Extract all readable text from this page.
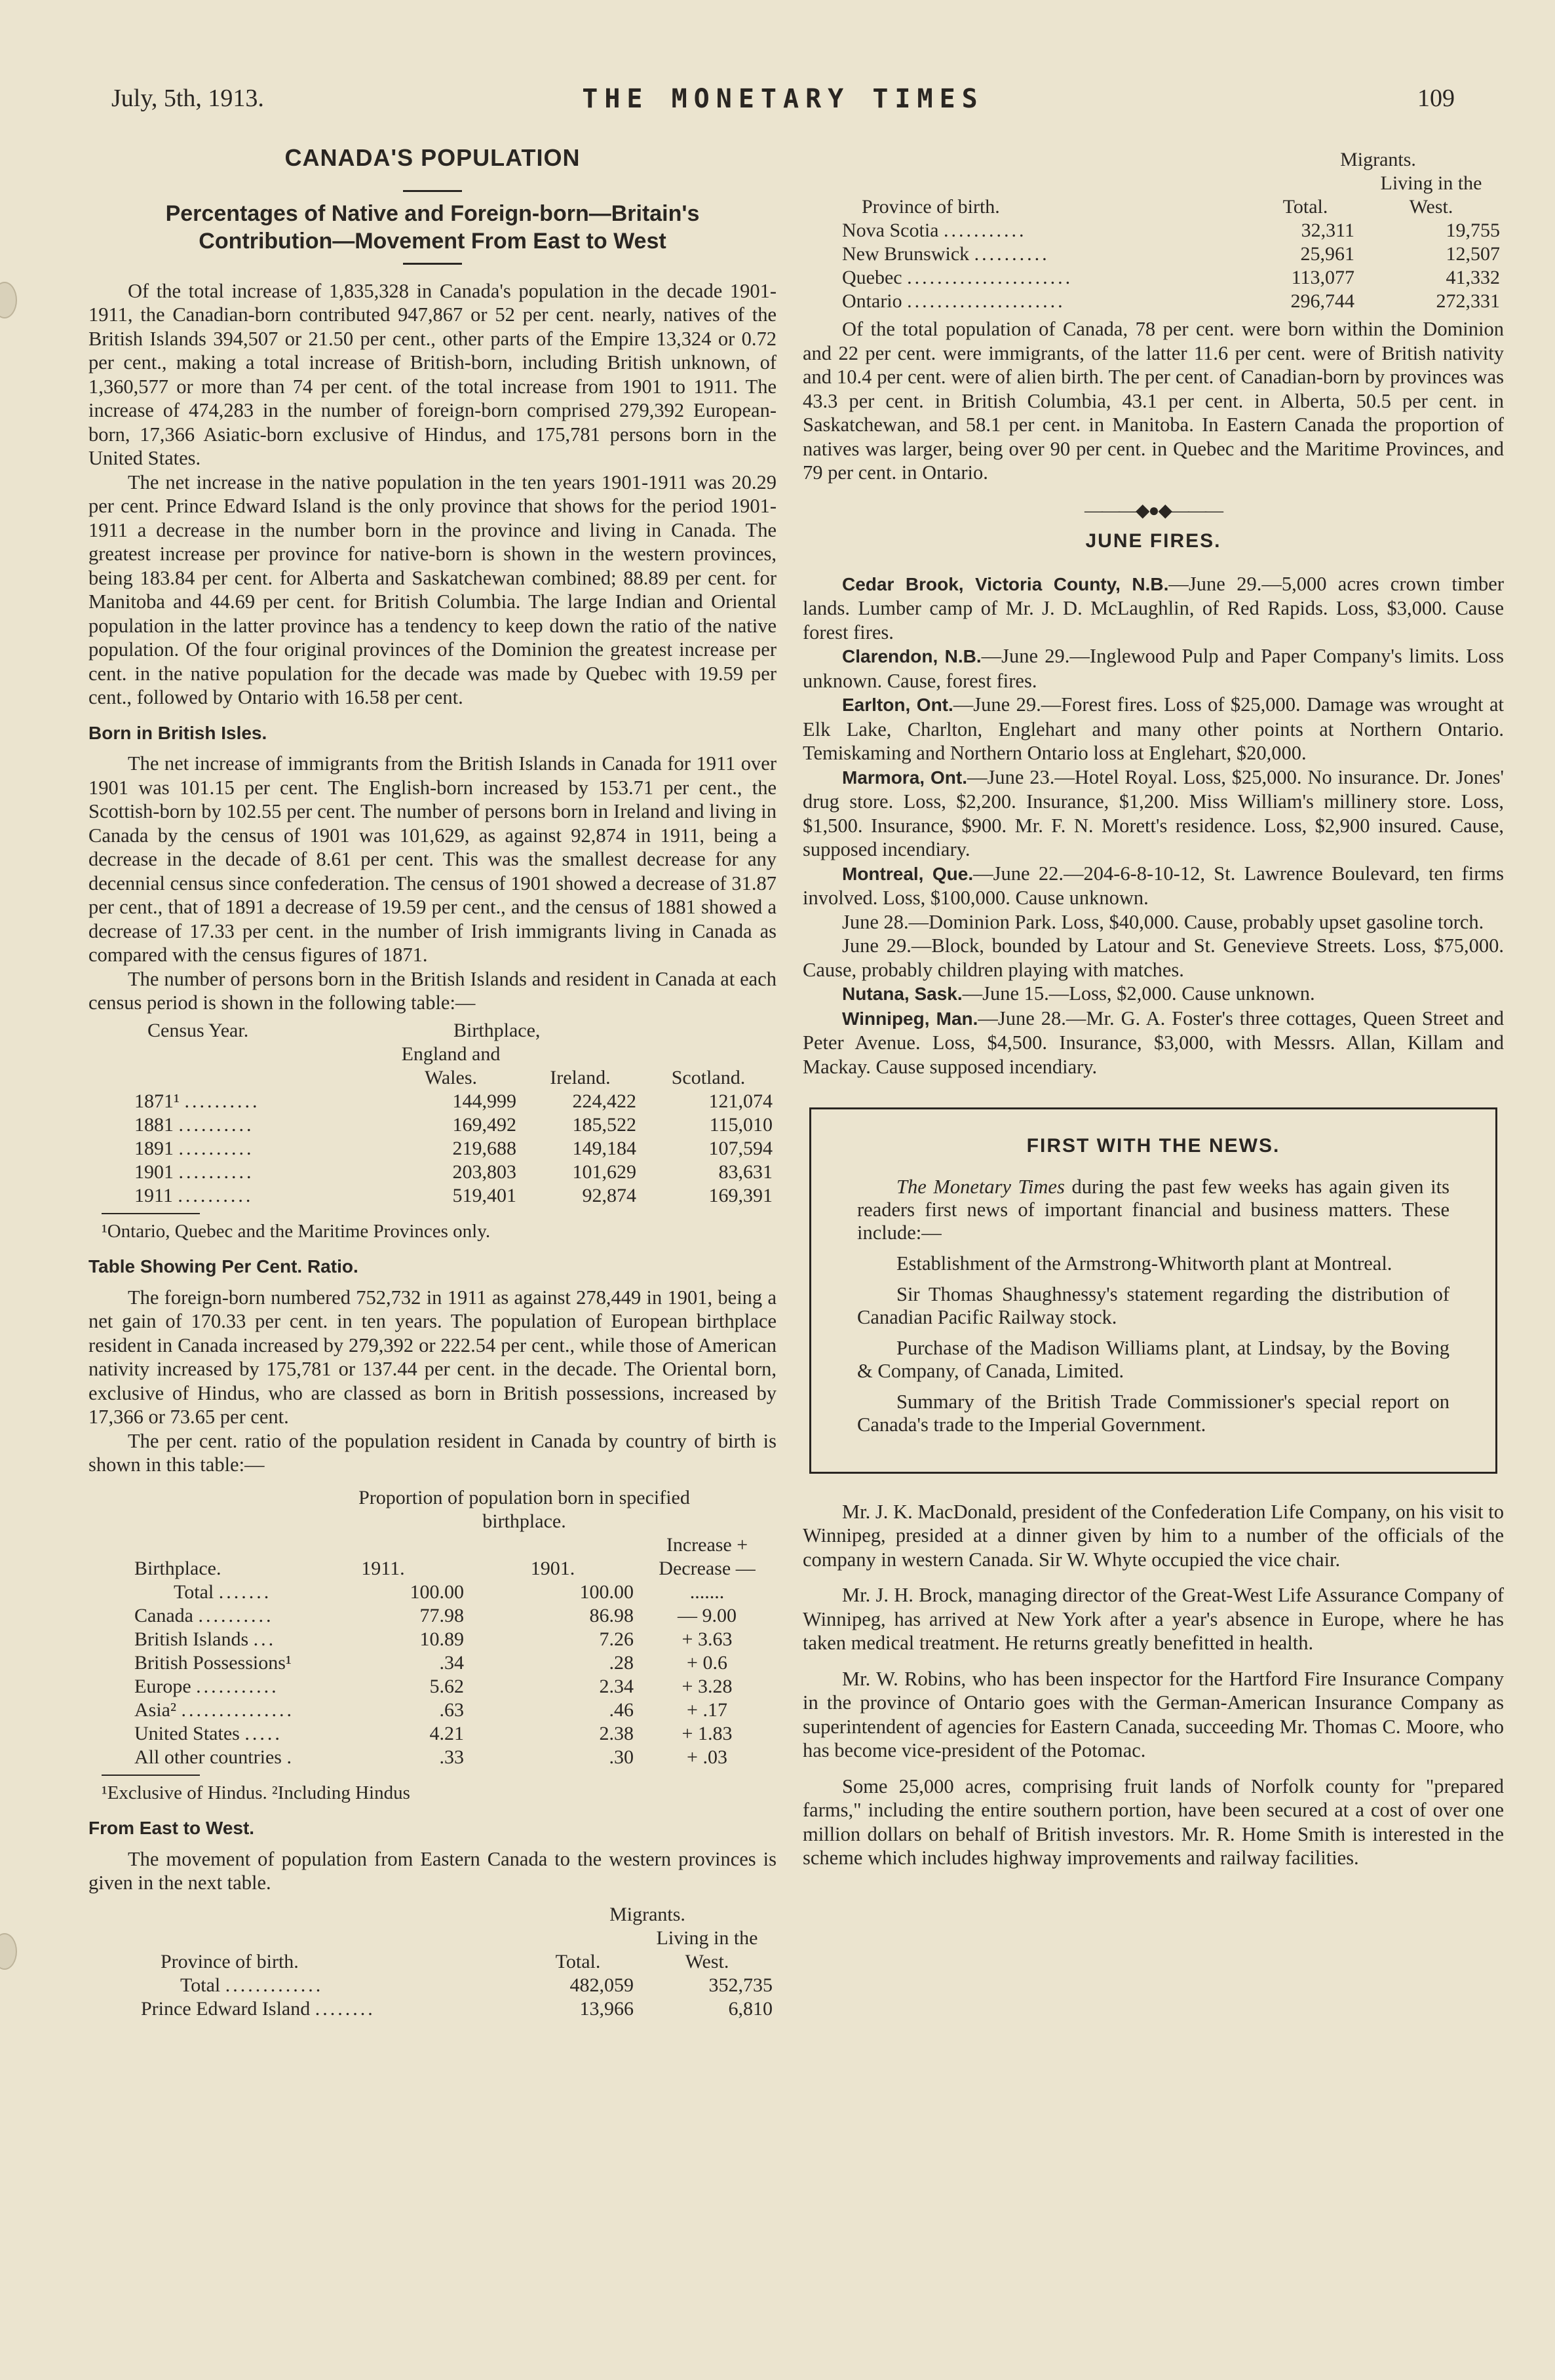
July, 5th, 1913.	THE MONETARY TIMES	109
CANADA'S POPULATION
Percentages of Native and Foreign-born—Britain's Contribution—Movement From East to West

Of the total increase of 1,835,328 in Canada's population in the decade 1901-1911, the Canadian-born contributed 947,867 or 52 per cent. nearly, natives of the British Islands 394,507 or 21.50 per cent., other parts of the Empire 13,324 or 0.72 per cent., making a total increase of British-born, including British unknown, of 1,360,577 or more than 74 per cent. of the total increase from 1901 to 1911. The increase of 474,283 in the number of foreign-born comprised 279,392 European-born, 17,366 Asiatic-born exclusive of Hindus, and 175,781 persons born in the United States.

The net increase in the native population in the ten years 1901-1911 was 20.29 per cent. Prince Edward Island is the only province that shows for the period 1901-1911 a decrease in the number born in the province and living in Canada. The greatest increase per province for native-born is shown in the western provinces, being 183.84 per cent. for Alberta and Saskatchewan combined; 88.89 per cent. for Manitoba and 44.69 per cent. for British Columbia. The large Indian and Oriental population in the latter province has a tendency to keep down the ratio of the native population. Of the four original provinces of the Dominion the greatest increase per cent. in the native population for the decade was made by Quebec with 19.59 per cent., followed by Ontario with 16.58 per cent.

Born in British Isles.

The net increase of immigrants from the British Islands in Canada for 1911 over 1901 was 101.15 per cent. The English-born increased by 153.71 per cent., the Scottish-born by 102.55 per cent. The number of persons born in Ireland and living in Canada by the census of 1901 was 101,629, as against 92,874 in 1911, being a decrease in the decade of 8.61 per cent. This was the smallest decrease for any decennial census since confederation. The census of 1901 showed a decrease of 31.87 per cent., that of 1891 a decrease of 19.59 per cent., and the census of 1881 showed a decrease of 17.33 per cent. in the number of Irish immigrants living in Canada as compared with the census figures of 1871.

The number of persons born in the British Islands and resident in Canada at each census period is shown in the following table:—

Census Year.	Birthplace,		
	England and Wales.	Ireland.	Scotland.
1871¹ ..........	144,999	224,422	121,074
1881 ..........	169,492	185,522	115,010
1891 ..........	219,688	149,184	107,594
1901 ..........	203,803	101,629	83,631
1911 ..........	519,401	92,874	169,391
¹Ontario, Quebec and the Maritime Provinces only.
Table Showing Per Cent. Ratio.

The foreign-born numbered 752,732 in 1911 as against 278,449 in 1901, being a net gain of 170.33 per cent. in ten years. The population of European birthplace resident in Canada increased by 279,392 or 222.54 per cent., while those of American nativity increased by 175,781 or 137.44 per cent. in the decade. The Oriental born, exclusive of Hindus, who are classed as born in British possessions, increased by 17,366 or 73.65 per cent.

The per cent. ratio of the population resident in Canada by country of birth is shown in this table:—

	Proportion of population born in specified birthplace.		
Birthplace.	1911.	1901.	Increase + Decrease —
Total .......	100.00	100.00	.......
Canada ..........	77.98	86.98	— 9.00
British Islands ...	10.89	7.26	+ 3.63
British Possessions¹	.34	.28	+ 0.6
Europe ...........	5.62	2.34	+ 3.28
Asia² ...............	.63	.46	+ .17
United States .....	4.21	2.38	+ 1.83
All other countries .	.33	.30	+ .03
¹Exclusive of Hindus. ²Including Hindus
From East to West.

The movement of population from Eastern Canada to the western provinces is given in the next table.

	Migrants.	
Province of birth.	Total.	Living in the West.
Total .............	482,059	352,735
Prince Edward Island ........	13,966	6,810
	Migrants.	
Province of birth.	Total.	Living in the West.
Nova Scotia ...........	32,311	19,755
New Brunswick ..........	25,961	12,507
Quebec ......................	113,077	41,332
Ontario .....................	296,744	272,331

Of the total population of Canada, 78 per cent. were born within the Dominion and 22 per cent. were immigrants, of the latter 11.6 per cent. were of British nativity and 10.4 per cent. were of alien birth. The per cent. of Canadian-born by provinces was 43.3 per cent. in British Columbia, 43.1 per cent. in Alberta, 50.5 per cent. in Saskatchewan, and 58.1 per cent. in Manitoba. In Eastern Canada the proportion of natives was larger, being over 90 per cent. in Quebec and the Maritime Provinces, and 79 per cent. in Ontario.

———◆●◆———
JUNE FIRES.

Cedar Brook, Victoria County, N.B.—June 29.—5,000 acres crown timber lands. Lumber camp of Mr. J. D. McLaughlin, of Red Rapids. Loss, $3,000. Cause forest fires.

Clarendon, N.B.—June 29.—Inglewood Pulp and Paper Company's limits. Loss unknown. Cause, forest fires.

Earlton, Ont.—June 29.—Forest fires. Loss of $25,000. Damage was wrought at Elk Lake, Charlton, Englehart and many other points at Northern Ontario. Temiskaming and Northern Ontario loss at Englehart, $20,000.

Marmora, Ont.—June 23.—Hotel Royal. Loss, $25,000. No insurance. Dr. Jones' drug store. Loss, $2,200. Insurance, $1,200. Miss William's millinery store. Loss, $1,500. Insurance, $900. Mr. F. N. Morett's residence. Loss, $2,900 insured. Cause, supposed incendiary.

Montreal, Que.—June 22.—204-6-8-10-12, St. Lawrence Boulevard, ten firms involved. Loss, $100,000. Cause unknown.

June 28.—Dominion Park. Loss, $40,000. Cause, probably upset gasoline torch.

June 29.—Block, bounded by Latour and St. Genevieve Streets. Loss, $75,000. Cause, probably children playing with matches.

Nutana, Sask.—June 15.—Loss, $2,000. Cause unknown.

Winnipeg, Man.—June 28.—Mr. G. A. Foster's three cottages, Queen Street and Peter Avenue. Loss, $4,500. Insurance, $3,000, with Messrs. Allan, Killam and Mackay. Cause supposed incendiary.

FIRST WITH THE NEWS.

The Monetary Times during the past few weeks has again given its readers first news of important financial and business matters. These include:—

Establishment of the Armstrong-Whitworth plant at Montreal.

Sir Thomas Shaughnessy's statement regarding the distribution of Canadian Pacific Railway stock.

Purchase of the Madison Williams plant, at Lindsay, by the Boving & Company, of Canada, Limited.

Summary of the British Trade Commissioner's special report on Canada's trade to the Imperial Government.

Mr. J. K. MacDonald, president of the Confederation Life Company, on his visit to Winnipeg, presided at a dinner given by him to a number of the officials of the company in western Canada. Sir W. Whyte occupied the vice chair.

Mr. J. H. Brock, managing director of the Great-West Life Assurance Company of Winnipeg, has arrived at New York after a year's absence in Europe, where he has taken medical treatment. He returns greatly benefitted in health.

Mr. W. Robins, who has been inspector for the Hartford Fire Insurance Company in the province of Ontario goes with the German-American Insurance Company as superintendent of agencies for Eastern Canada, succeeding Mr. Thomas C. Moore, who has become vice-president of the Potomac.

Some 25,000 acres, comprising fruit lands of Norfolk county for "prepared farms," including the entire southern portion, have been secured at a cost of over one million dollars on behalf of British investors. Mr. R. Home Smith is interested in the scheme which includes highway improvements and railway facilities.
